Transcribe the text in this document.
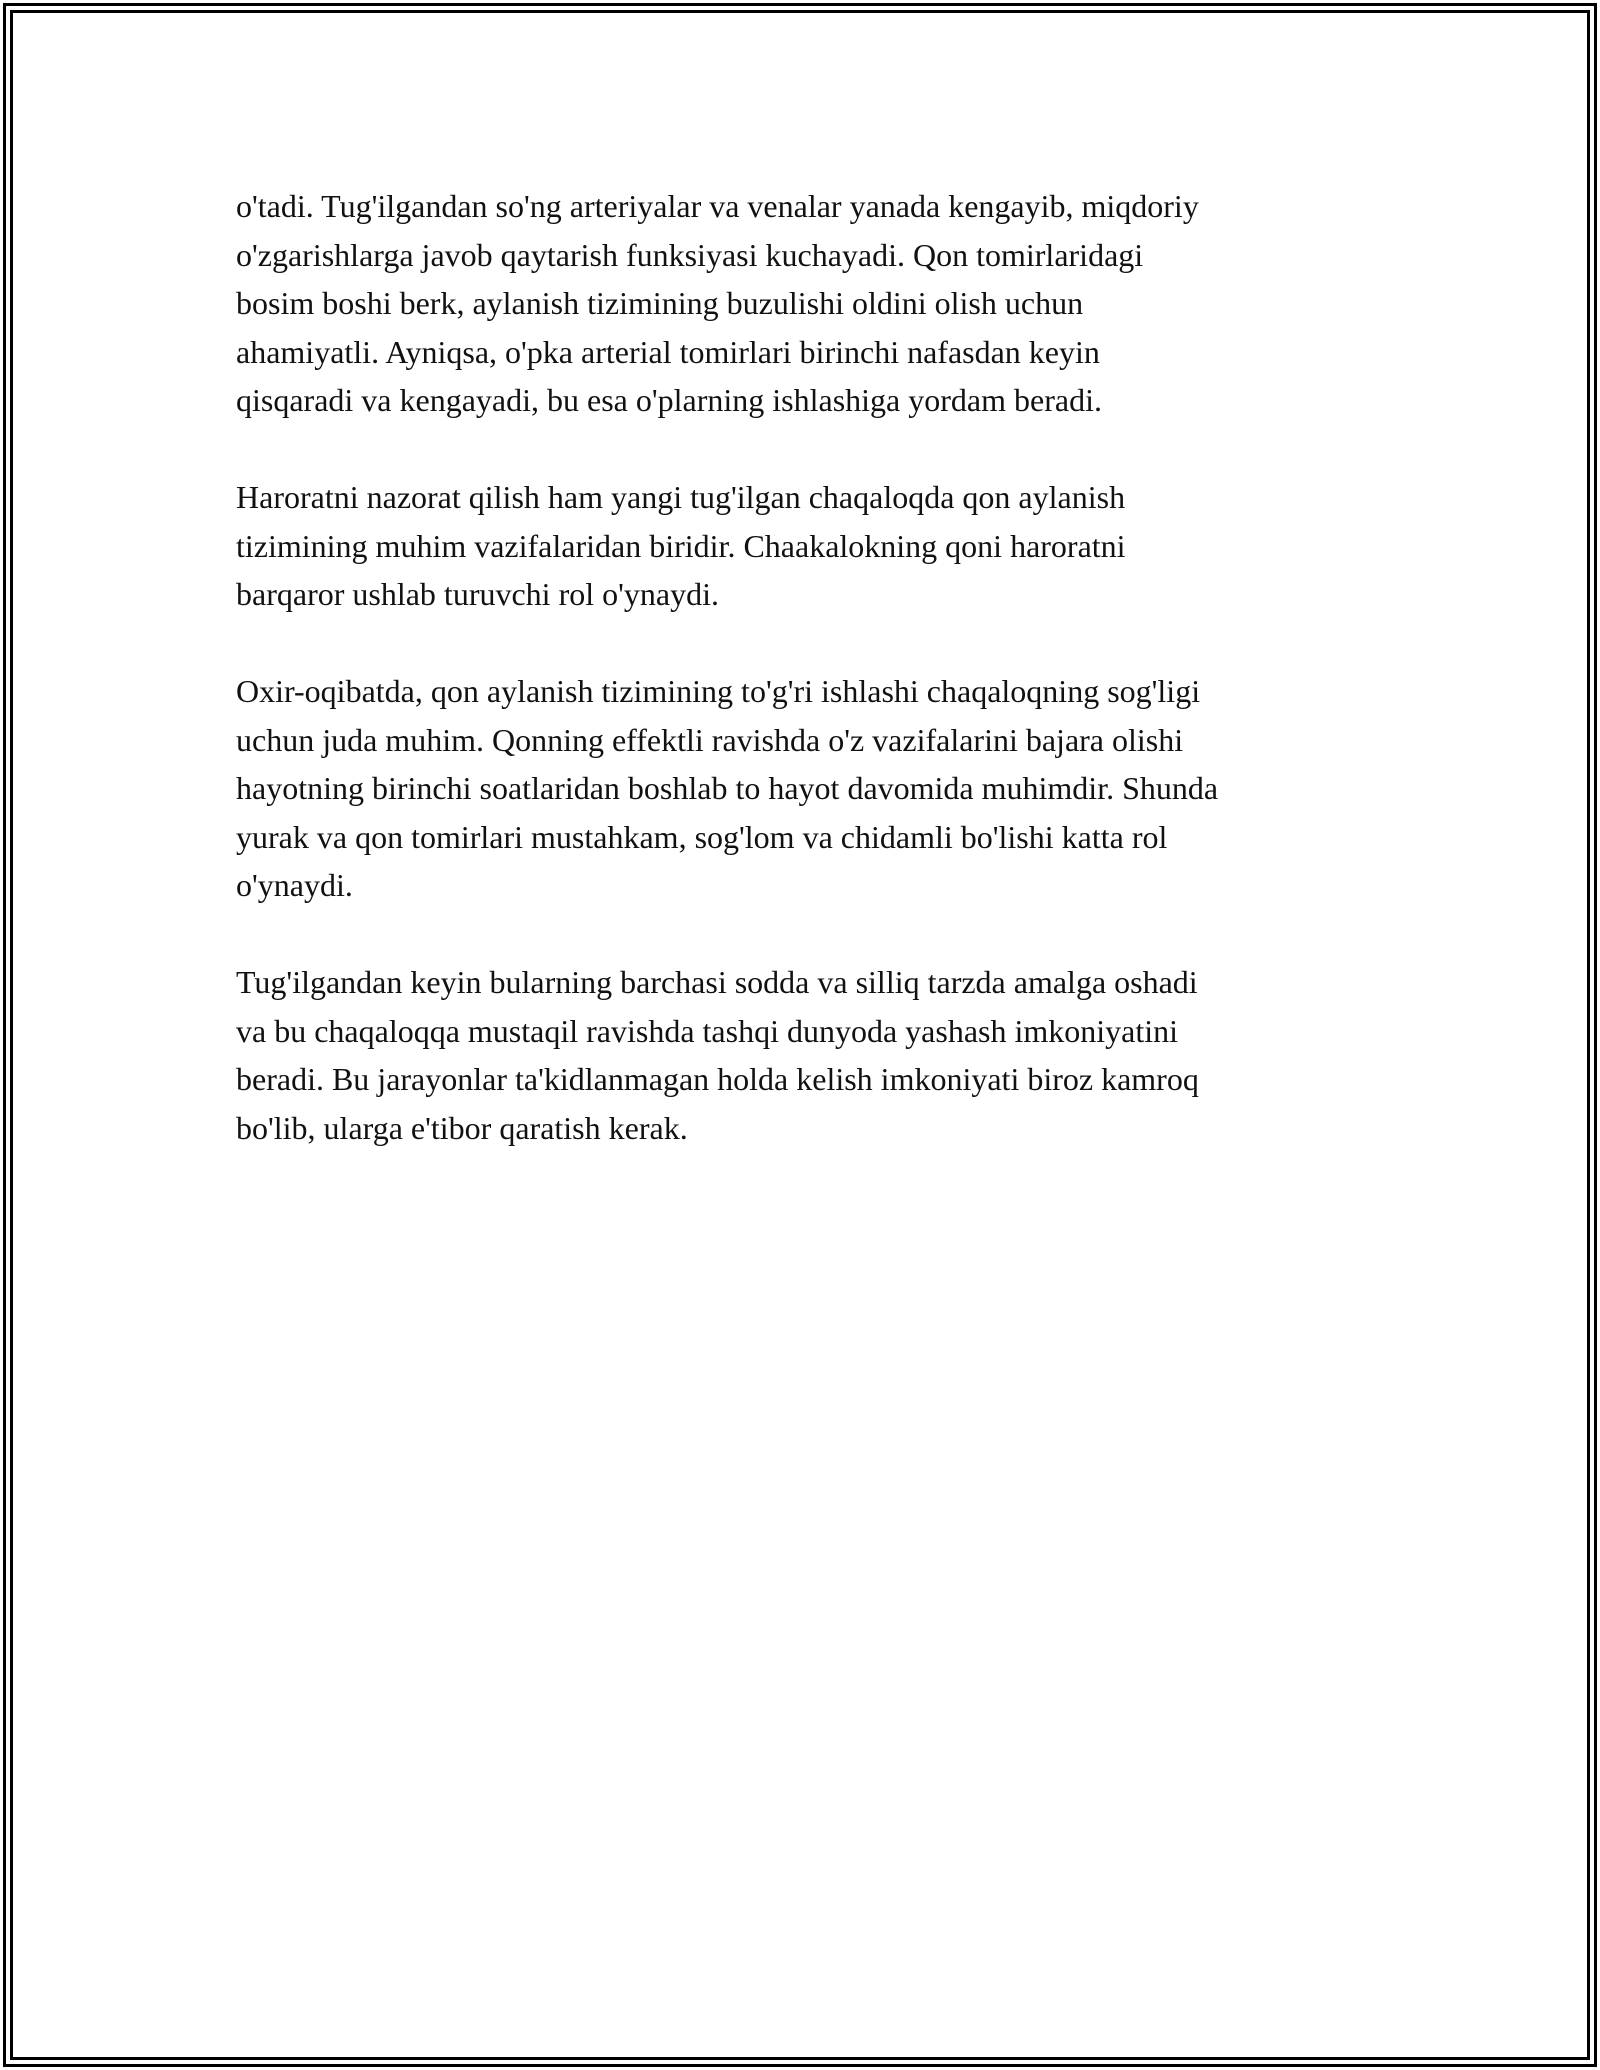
o'tadi. Tug'ilgandan so'ng arteriyalar va venalar yanada kengayib, miqdoriy
o'zgarishlarga javob qaytarish funksiyasi kuchayadi. Qon tomirlaridagi
bosim boshi berk, aylanish tizimining buzulishi oldini olish uchun
ahamiyatli. Ayniqsa, o'pka arterial tomirlari birinchi nafasdan keyin
qisqaradi va kengayadi, bu esa o'plarning ishlashiga yordam beradi.

Haroratni nazorat qilish ham yangi tug'ilgan chaqaloqda qon aylanish
tizimining muhim vazifalaridan biridir. Chaakalokning qoni haroratni
barqaror ushlab turuvchi rol o'ynaydi.

Oxir-oqibatda, qon aylanish tizimining to'g'ri ishlashi chaqaloqning sog'ligi
uchun juda muhim. Qonning effektli ravishda o'z vazifalarini bajara olishi
hayotning birinchi soatlaridan boshlab to hayot davomida muhimdir. Shunda
yurak va qon tomirlari mustahkam, sog'lom va chidamli bo'lishi katta rol
o'ynaydi.

Tug'ilgandan keyin bularning barchasi sodda va silliq tarzda amalga oshadi
va bu chaqaloqqa mustaqil ravishda tashqi dunyoda yashash imkoniyatini
beradi. Bu jarayonlar ta'kidlanmagan holda kelish imkoniyati biroz kamroq
bo'lib, ularga e'tibor qaratish kerak.
